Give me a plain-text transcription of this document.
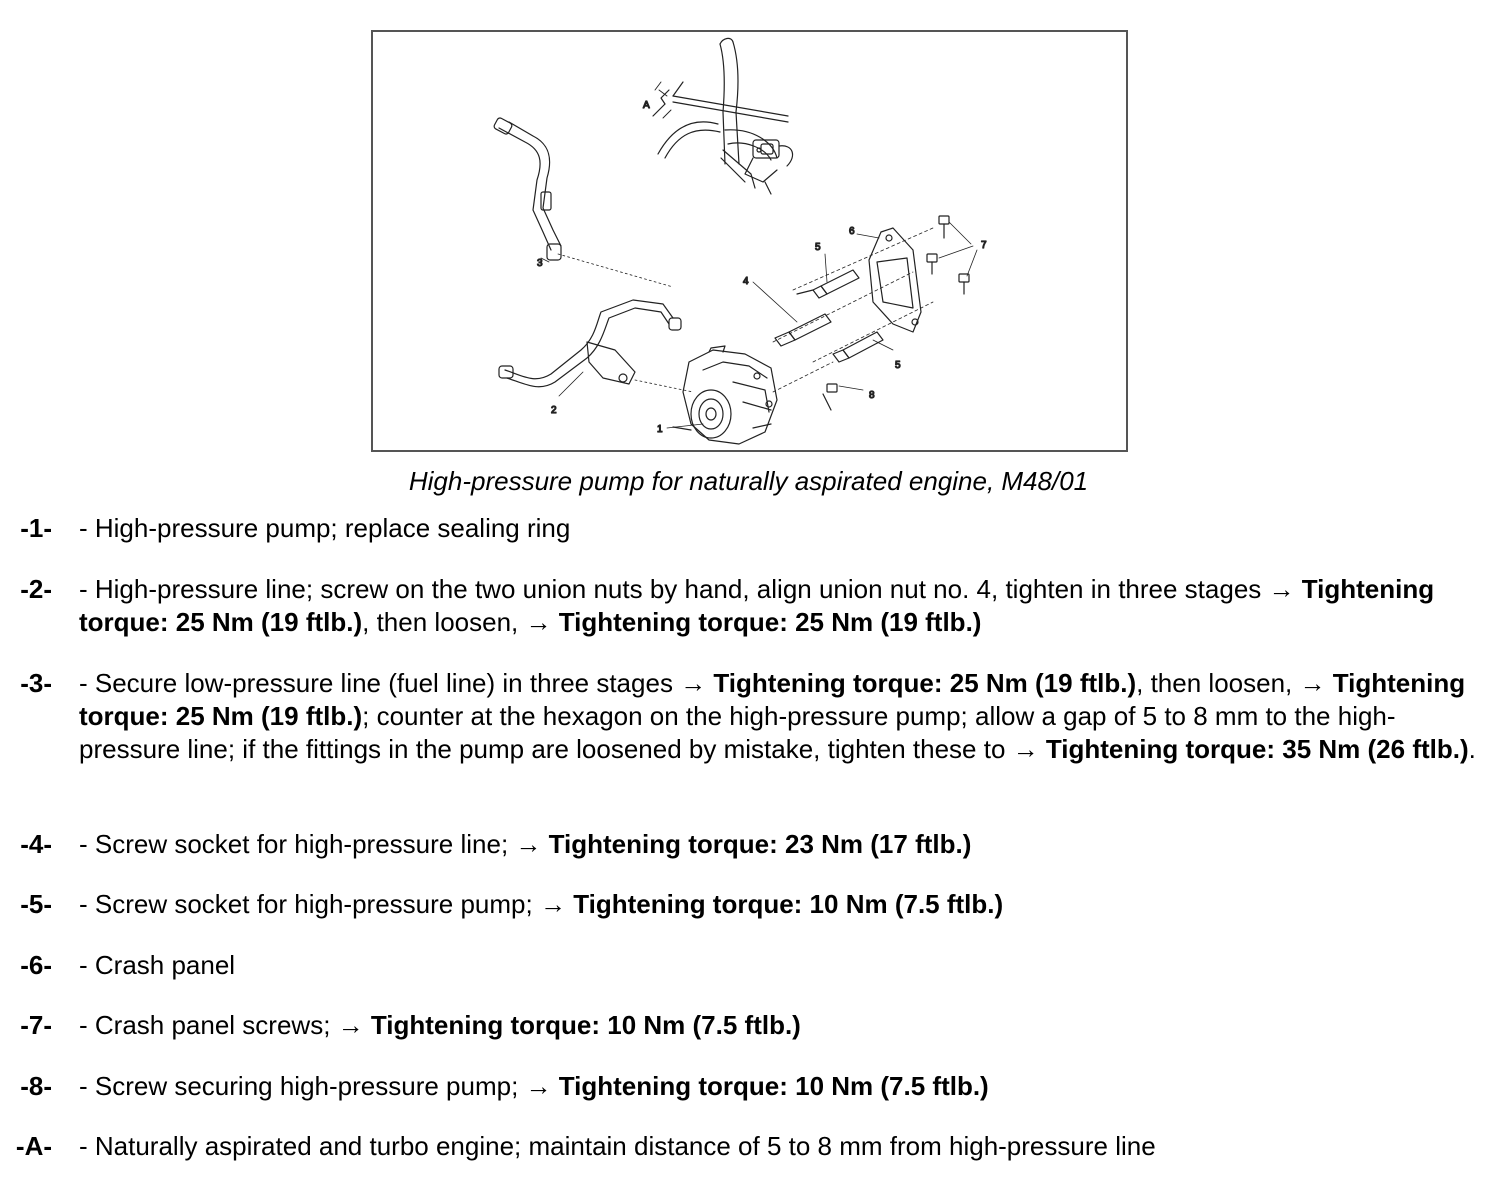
A
1
2
3
4
5
5
6
7
8
High-pressure pump for naturally aspirated engine, M48/01
-1- - High-pressure pump; replace sealing ring
-2- - High-pressure line; screw on the two union nuts by hand, align union nut no. 4, tighten in three stages → Tightening torque: 25 Nm (19 ftlb.), then loosen, → Tightening torque: 25 Nm (19 ftlb.)
-3- - Secure low-pressure line (fuel line) in three stages → Tightening torque: 25 Nm (19 ftlb.), then loosen, → Tightening torque: 25 Nm (19 ftlb.); counter at the hexagon on the high-pressure pump; allow a gap of 5 to 8 mm to the high-pressure line; if the fittings in the pump are loosened by mistake, tighten these to → Tightening torque: 35 Nm (26 ftlb.).
-4- - Screw socket for high-pressure line; → Tightening torque: 23 Nm (17 ftlb.)
-5- - Screw socket for high-pressure pump; → Tightening torque: 10 Nm (7.5 ftlb.)
-6- - Crash panel
-7- - Crash panel screws; → Tightening torque: 10 Nm (7.5 ftlb.)
-8- - Screw securing high-pressure pump; → Tightening torque: 10 Nm (7.5 ftlb.)
-A- - Naturally aspirated and turbo engine; maintain distance of 5 to 8 mm from high-pressure line
